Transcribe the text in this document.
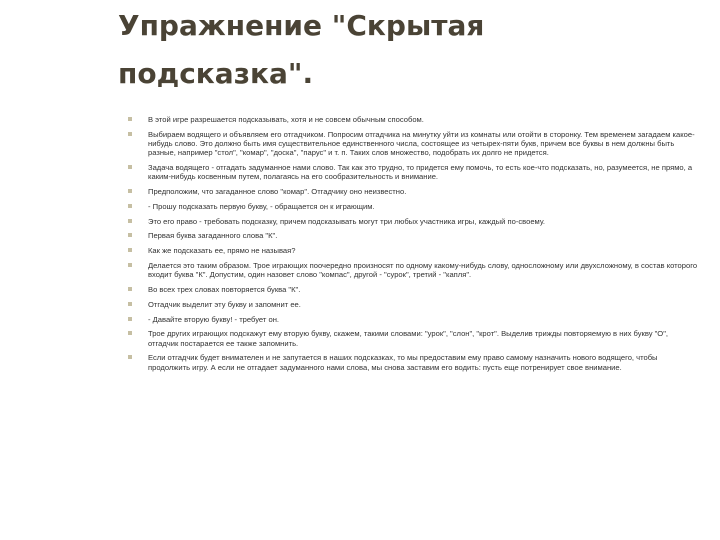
Упражнение "Скрытая
подсказка".
В этой игре разрешается подсказывать, хотя и не совсем обычным способом.
Выбираем водящего и объявляем его отгадчиком. Попросим отгадчика на минутку уйти из комнаты или отойти в сторонку. Тем временем загадаем какое-нибудь слово. Это должно быть имя существительное единственного числа, состоящее из четырех-пяти букв, причем все буквы в нем должны быть разные, например "стол", "комар", "доска", "парус" и т. п. Таких слов множество, подобрать их долго не придется.
Задача водящего - отгадать задуманное нами слово. Так как это трудно, то придется ему помочь, то есть кое-что подсказать, но, разумеется, не прямо, а каким-нибудь косвенным путем, полагаясь на его сообразительность и внимание.
Предположим, что загаданное слово "комар". Отгадчику оно неизвестно.
- Прошу подсказать первую букву, - обращается он к играющим.
Это его право - требовать подсказку, причем подсказывать могут три любых участника игры, каждый по-своему.
Первая буква загаданного слова "К".
Как же подсказать ее, прямо не называя?
Делается это таким образом. Трое играющих поочередно произносят по одному какому-нибудь слову, односложному или двухсложному, в состав которого входит буква "К". Допустим, один назовет слово "компас", другой - "сурок", третий - "капля".
Во всех трех словах повторяется буква "К".
Отгадчик выделит эту букву и запомнит ее.
- Давайте вторую букву! - требует он.
Трое других играющих подскажут ему вторую букву, скажем, такими словами: "урок", "слон", "крот". Выделив трижды повторяемую в них букву "О", отгадчик постарается ее также запомнить.
Если отгадчик будет внимателен и не запутается в наших подсказках, то мы предоставим ему право самому назначить нового водящего, чтобы продолжить игру. А если не отгадает задуманного нами слова, мы снова заставим его водить: пусть еще потренирует свое внимание.
